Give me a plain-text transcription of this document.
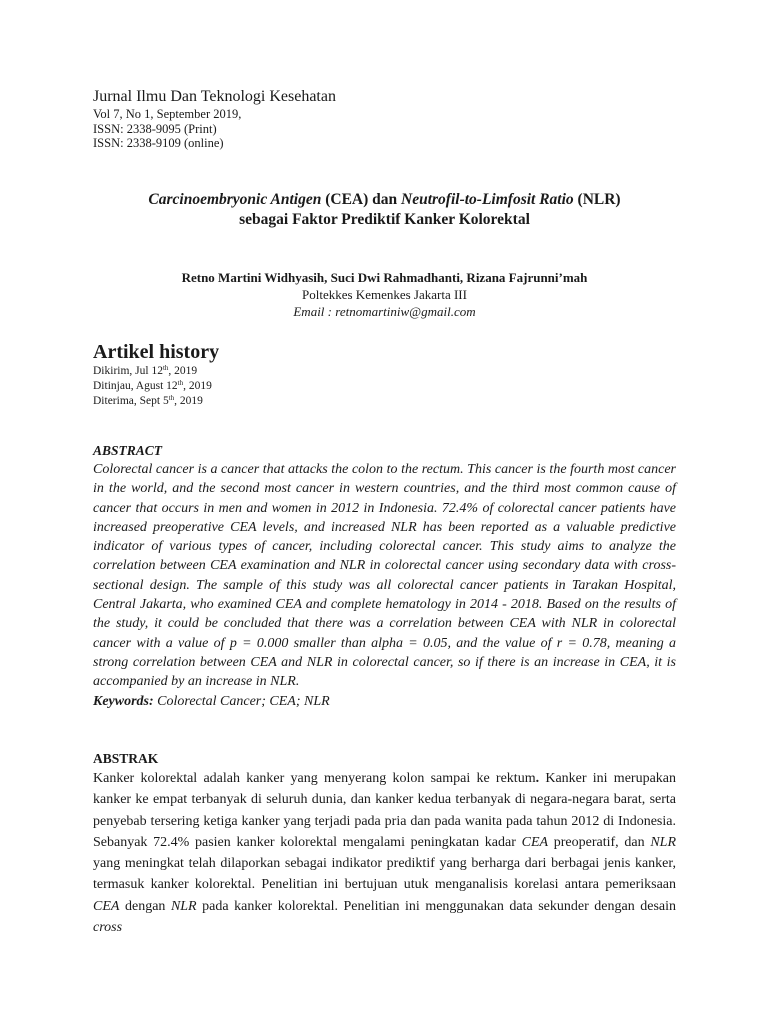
Jurnal Ilmu Dan Teknologi Kesehatan
Vol 7, No 1, September 2019,
ISSN: 2338-9095 (Print)
ISSN: 2338-9109 (online)
Carcinoembryonic Antigen (CEA) dan Neutrofil-to-Limfosit Ratio (NLR)
sebagai Faktor Prediktif Kanker Kolorektal
Retno Martini Widhyasih, Suci Dwi Rahmadhanti, Rizana Fajrunni’mah
Poltekkes Kemenkes Jakarta III
Email : retnomartiniw@gmail.com
Artikel history
Dikirim, Jul 12th, 2019
Ditinjau, Agust 12th, 2019
Diterima, Sept 5th, 2019
ABSTRACT

Colorectal cancer is a cancer that attacks the colon to the rectum. This cancer is the fourth most cancer in the world, and the second most cancer in western countries, and the third most common cause of cancer that occurs in men and women in 2012 in Indonesia. 72.4% of colorectal cancer patients have increased preoperative CEA levels, and increased NLR has been reported as a valuable predictive indicator of various types of cancer, including colorectal cancer. This study aims to analyze the correlation between CEA examination and NLR in colorectal cancer using secondary data with cross-sectional design. The sample of this study was all colorectal cancer patients in Tarakan Hospital, Central Jakarta, who examined CEA and complete hematology in 2014 - 2018. Based on the results of the study, it could be concluded that there was a correlation between CEA with NLR in colorectal cancer with a value of p = 0.000 smaller than alpha = 0.05, and the value of r = 0.78, meaning a strong correlation between CEA and NLR in colorectal cancer, so if there is an increase in CEA, it is accompanied by an increase in NLR.

Keywords: Colorectal Cancer; CEA; NLR
ABSTRAK

Kanker kolorektal adalah kanker yang menyerang kolon sampai ke rektum. Kanker ini merupakan kanker ke empat terbanyak di seluruh dunia, dan kanker kedua terbanyak di negara-negara barat, serta penyebab tersering ketiga kanker yang terjadi pada pria dan pada wanita pada tahun 2012 di Indonesia. Sebanyak 72.4% pasien kanker kolorektal mengalami peningkatan kadar CEA preoperatif, dan NLR yang meningkat telah dilaporkan sebagai indikator prediktif yang berharga dari berbagai jenis kanker, termasuk kanker kolorektal. Penelitian ini bertujuan utuk menganalisis korelasi antara pemeriksaan CEA dengan NLR pada kanker kolorektal. Penelitian ini menggunakan data sekunder dengan desain cross
